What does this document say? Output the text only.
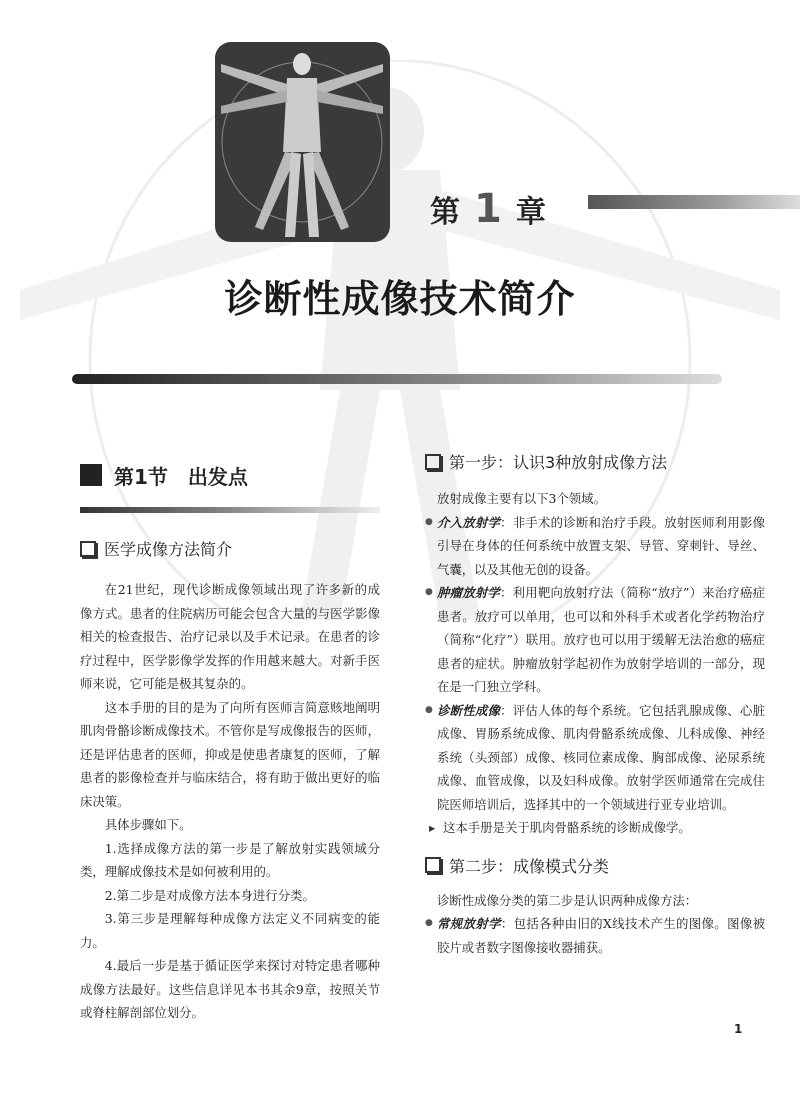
第 1 章
诊断性成像技术简介
第1节　出发点
医学成像方法简介

在21世纪，现代诊断成像领域出现了许多新的成像方式。患者的住院病历可能会包含大量的与医学影像相关的检查报告、治疗记录以及手术记录。在患者的诊疗过程中，医学影像学发挥的作用越来越大。对新手医师来说，它可能是极其复杂的。

这本手册的目的是为了向所有医师言简意赅地阐明肌肉骨骼诊断成像技术。不管你是写成像报告的医师，还是评估患者的医师，抑或是使患者康复的医师，了解患者的影像检查并与临床结合，将有助于做出更好的临床决策。

具体步骤如下。

1.选择成像方法的第一步是了解放射实践领域分类，理解成像技术是如何被利用的。

2.第二步是对成像方法本身进行分类。

3.第三步是理解每种成像方法定义不同病变的能力。

4.最后一步是基于循证医学来探讨对特定患者哪种成像方法最好。这些信息详见本书其余9章，按照关节或脊柱解剖部位划分。

第一步：认识3种放射成像方法

放射成像主要有以下3个领域。

● 介入放射学：非手术的诊断和治疗手段。放射医师利用影像引导在身体的任何系统中放置支架、导管、穿刺针、导丝、气囊，以及其他无创的设备。

● 肿瘤放射学：利用靶向放射疗法（简称“放疗”）来治疗癌症患者。放疗可以单用，也可以和外科手术或者化学药物治疗（简称“化疗”）联用。放疗也可以用于缓解无法治愈的癌症患者的症状。肿瘤放射学起初作为放射学培训的一部分，现在是一门独立学科。

● 诊断性成像：评估人体的每个系统。它包括乳腺成像、心脏成像、胃肠系统成像、肌肉骨骼系统成像、儿科成像、神经系统（头颈部）成像、核同位素成像、胸部成像、泌尿系统成像、血管成像，以及妇科成像。放射学医师通常在完成住院医师培训后，选择其中的一个领域进行亚专业培训。

▸ 这本手册是关于肌肉骨骼系统的诊断成像学。

第二步：成像模式分类

诊断性成像分类的第二步是认识两种成像方法：

● 常规放射学：包括各种由旧的X线技术产生的图像。图像被胶片或者数字图像接收器捕获。

1
